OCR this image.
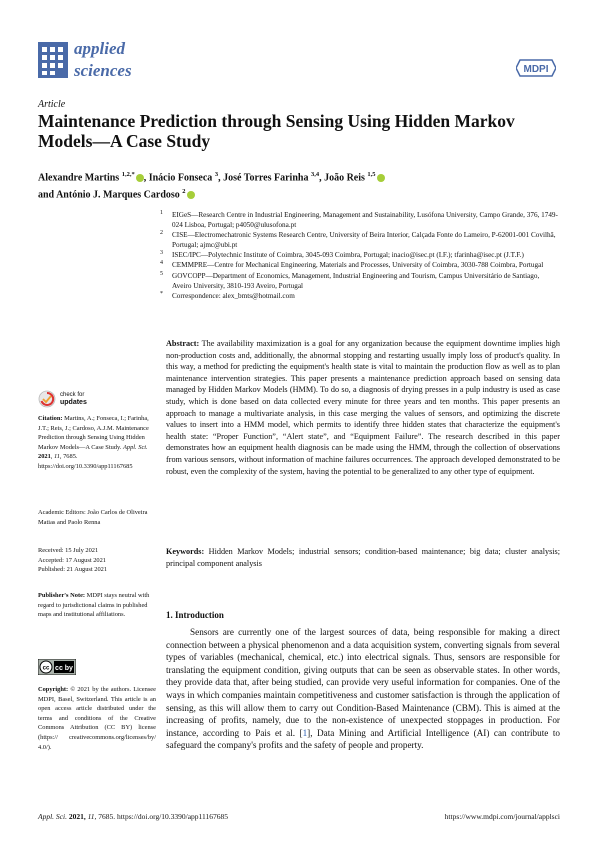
applied
sciences	MDPI
Article
Maintenance Prediction through Sensing Using Hidden Markov Models—A Case Study
Alexandre Martins $^{1,2,*}$ , Inácio Fonseca $^3$, José Torres Farinha $^{3,4}$, João Reis $^{1,5}$
and António J. Marques Cardoso $^2$
1 EIGeS—Research Centre in Industrial Engineering, Management and Sustainability, Lusófona University, Campo Grande, 376, 1749-024 Lisboa, Portugal; p4050@ulusofona.pt
2 CISE—Electromechatronic Systems Research Centre, University of Beira Interior, Calçada Fonte do Lameiro, P-62001-001 Covilhã, Portugal; ajmc@ubi.pt
3 ISEC/IPC—Polytechnic Institute of Coimbra, 3045-093 Coimbra, Portugal; inacio@isec.pt (I.F.); tfarinha@isec.pt (J.T.F.)
4 CEMMPRE—Centre for Mechanical Engineering, Materials and Processes, University of Coimbra, 3030-788 Coimbra, Portugal
5 GOVCOPP—Department of Economics, Management, Industrial Engineering and Tourism, Campus Universitário de Santiago, Aveiro University, 3810-193 Aveiro, Portugal
* Correspondence: alex_bmts@hotmail.com
Abstract: The availability maximization is a goal for any organization because the equipment downtime implies high non-production costs and, additionally, the abnormal stopping and restarting usually imply loss of product's quality. In this way, a method for predicting the equipment's health state is vital to maintain the production flow as well as to plan maintenance intervention strategies. This paper presents a maintenance prediction approach based on sensing data managed by Hidden Markov Models (HMM). To do so, a diagnosis of drying presses in a pulp industry is used as case study, which is done based on data collected every minute for three years and ten months. This paper presents an approach to manage a multivariate analysis, in this case merging the values of sensors, and optimizing the discrete values to insert into a HMM model, which permits to identify three hidden states that characterize the equipment's health state: “Proper Function”, “Alert state”, and “Equipment Failure”. The research described in this paper demonstrates how an equipment health diagnosis can be made using the HMM, through the collection of observations from various sensors, without information of machine failures occurrences. The approach developed demonstrated to be robust, even the complexity of the system, having the potential to be generalized to any other type of equipment.
Keywords: Hidden Markov Models; industrial sensors; condition-based maintenance; big data; cluster analysis; principal component analysis
check for
updates
Citation: Martins, A.; Fonseca, I.; Farinha, J.T.; Reis, J.; Cardoso, A.J.M. Maintenance Prediction through Sensing Using Hidden Markov Models—A Case Study. Appl. Sci. 2021, 11, 7685. https://doi.org/10.3390/app11167685
Academic Editors: João Carlos de Oliveira Matias and Paolo Renna
Received: 15 July 2021
Accepted: 17 August 2021
Published: 21 August 2021
Publisher's Note: MDPI stays neutral with regard to jurisdictional claims in published maps and institutional affiliations.
cc cc by
Copyright: © 2021 by the authors. Licensee MDPI, Basel, Switzerland. This article is an open access article distributed under the terms and conditions of the Creative Commons Attribution (CC BY) license (https:// creativecommons.org/licenses/by/ 4.0/).
1. Introduction
Sensors are currently one of the largest sources of data, being responsible for making a direct connection between a physical phenomenon and a data acquisition system, converting signals from several types of variables (mechanical, chemical, etc.) into electrical signals. Thus, sensors are responsible for translating the equipment condition, giving outputs that can be seen as observable states. In other words, they provide data that, after being studied, can provide very useful information for companies. One of the ways in which companies maintain competitiveness and customer satisfaction is through the application of sensing, as this will allow them to carry out Condition-Based Maintenance (CBM). This is aimed at the increasing of profits, namely, due to the non-existence of unexpected stoppages in production. For instance, according to Pais et al. [1], Data Mining and Artificial Intelligence (AI) can contribute to safeguard the company's profits and the safety of people and property.
Appl. Sci. 2021, 11, 7685. https://doi.org/10.3390/app11167685	https://www.mdpi.com/journal/applsci
